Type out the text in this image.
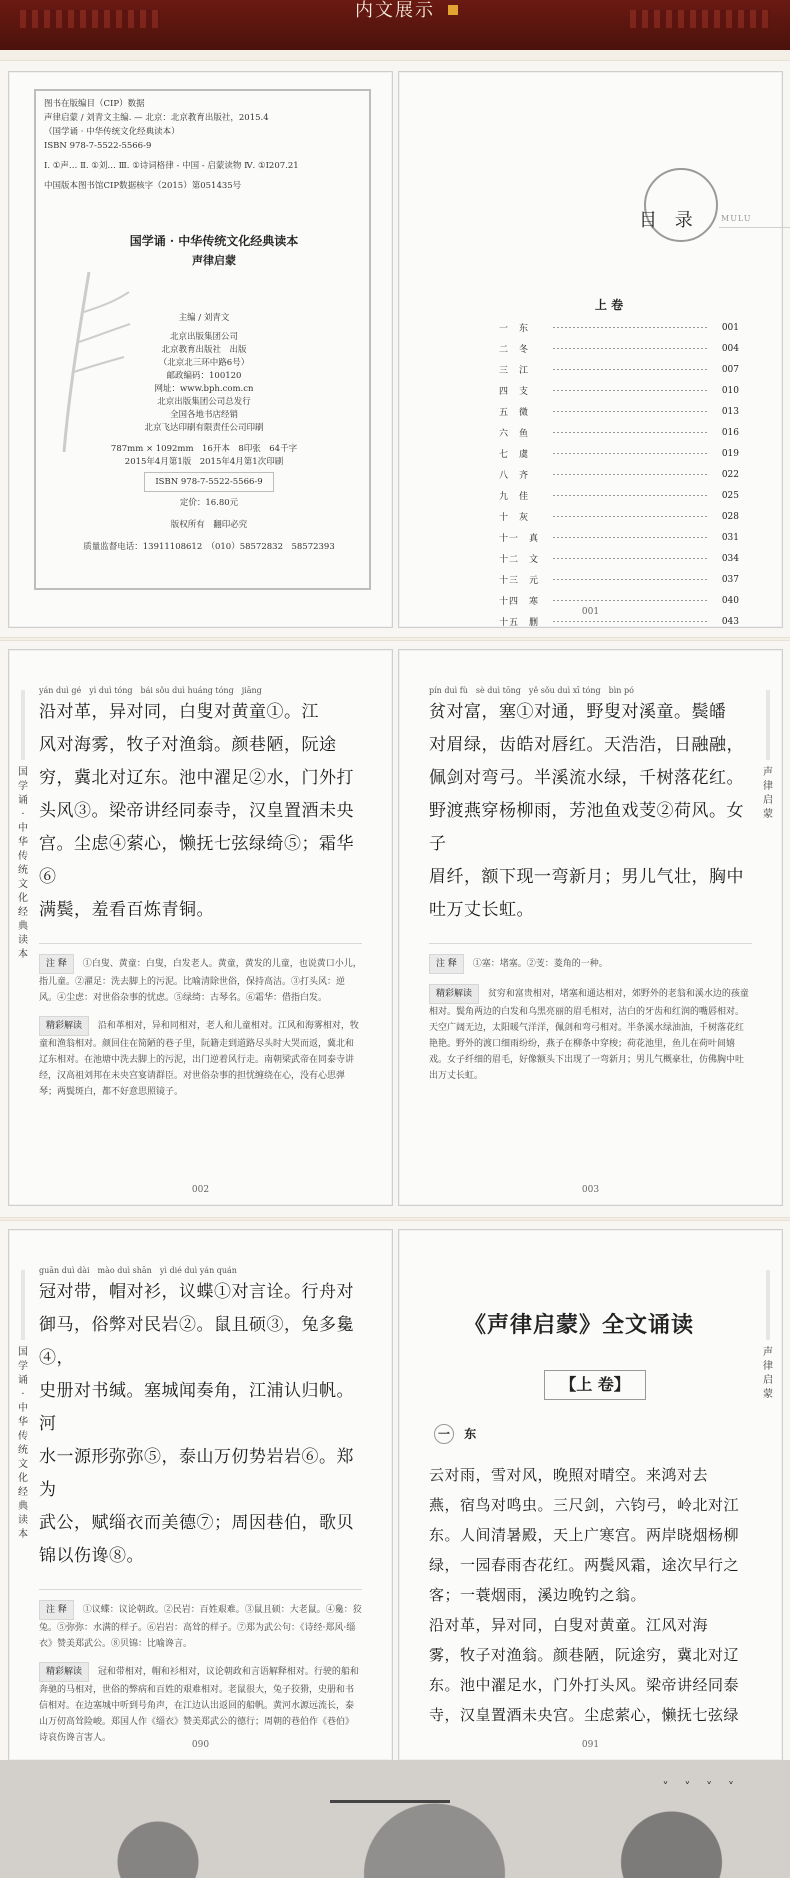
内文展示
图书在版编目（CIP）数据
声律启蒙 / 刘青文主编. — 北京：北京教育出版社，2015.4
（国学诵 · 中华传统文化经典读本）
ISBN 978-7-5522-5566-9
Ⅰ. ①声… Ⅱ. ①刘… Ⅲ. ①诗词格律 - 中国 - 启蒙读物 Ⅳ. ①I207.21
中国版本图书馆CIP数据核字（2015）第051435号
国学诵 · 中华传统文化经典读本
声律启蒙
主编 / 刘青文
北京出版集团公司
北京教育出版社　出版
（北京北三环中路6号）
邮政编码：100120
网址：www.bph.com.cn
北京出版集团公司总发行
全国各地书店经销
北京飞达印刷有限责任公司印刷
787mm × 1092mm　16开本　8印张　64千字
2015年4月第1版　2015年4月第1次印刷
ISBN 978-7-5522-5566-9
定价：16.80元
版权所有　翻印必究
质量监督电话：13911108612　（010）58572832　58572393
目 录	MULU
上 卷
一　东	001
二　冬	004
三　江	007
四　支	010
五　微	013
六　鱼	016
七　虞	019
八　齐	022
九　佳	025
十　灰	028
十一　真	031
十二　文	034
十三　元	037
十四　寒	040
十五　删	043
001
国学诵 · 中华传统文化经典读本
yán duì gé　yì duì tóng　bái sǒu duì huáng tóng　jiāng
沿对革，异对同，白叟对黄童①。江
风对海雾，牧子对渔翁。颜巷陋，阮途
穷，冀北对辽东。池中濯足②水，门外打
头风③。梁帝讲经同泰寺，汉皇置酒未央
宫。尘虑④萦心，懒抚七弦绿绮⑤；霜华⑥
满鬓，羞看百炼青铜。
注 释 ①白叟、黄童：白叟，白发老人。黄童，黄发的儿童，也说黄口小儿，指儿童。②濯足：洗去脚上的污泥。比喻清除世俗，保持高洁。③打头风：逆风。④尘虑：对世俗杂事的忧虑。⑤绿绮：古琴名。⑥霜华：借指白发。
精彩解读 沿和革相对，异和同相对，老人和儿童相对。江风和海雾相对，牧童和渔翁相对。颜回住在简陋的巷子里，阮籍走到道路尽头时大哭而返，冀北和辽东相对。在池塘中洗去脚上的污泥，出门逆着风行走。南朝梁武帝在同泰寺讲经，汉高祖刘邦在未央宫宴请群臣。对世俗杂事的担忧缠绕在心，没有心思弹琴；两鬓斑白，都不好意思照镜子。
002
声律启蒙
pín duì fù　sè duì tōng　yě sǒu duì xī tóng　bìn pó
贫对富，塞①对通，野叟对溪童。鬓皤
对眉绿，齿皓对唇红。天浩浩，日融融，
佩剑对弯弓。半溪流水绿，千树落花红。
野渡燕穿杨柳雨，芳池鱼戏芰②荷风。女子
眉纤，额下现一弯新月；男儿气壮，胸中
吐万丈长虹。
注 释 ①塞：堵塞。②芰：菱角的一种。
精彩解读 贫穷和富贵相对，堵塞和通达相对，郊野外的老翁和溪水边的孩童相对。鬓角两边的白发和乌黑亮丽的眉毛相对，洁白的牙齿和红润的嘴唇相对。天空广阔无边，太阳暖气洋洋，佩剑和弯弓相对。半条溪水绿油油，千树落花红艳艳。野外的渡口细雨纷纷，燕子在柳条中穿梭；荷花池里，鱼儿在荷叶间嬉戏。女子纤细的眉毛，好像额头下出现了一弯新月；男儿气概豪壮，仿佛胸中吐出万丈长虹。
003
国学诵 · 中华传统文化经典读本
guān duì dài　mào duì shān　yì dié duì yán quán
冠对带，帽对衫，议蝶①对言诠。行舟对
御马，俗弊对民岩②。鼠且硕③，兔多毚④，
史册对书缄。塞城闻奏角，江浦认归帆。河
水一源形弥弥⑤，泰山万仞势岩岩⑥。郑为
武公，赋缁衣而美德⑦；周因巷伯，歌贝
锦以伤谗⑧。
注 释 ①议蝶：议论朝政。②民岩：百姓艰难。③鼠且硕：大老鼠。④毚：狡兔。⑤弥弥：水满的样子。⑥岩岩：高耸的样子。⑦郑为武公句：《诗经·郑风·缁衣》赞美郑武公。⑧贝锦：比喻谗言。
精彩解读 冠和带相对，帽和衫相对，议论朝政和言语解释相对。行驶的船和奔驰的马相对，世俗的弊病和百姓的艰难相对。老鼠很大，兔子狡猾，史册和书信相对。在边塞城中听到号角声，在江边认出返回的船帆。黄河水源远流长，泰山万仞高耸险峻。郑国人作《缁衣》赞美郑武公的德行；周朝的巷伯作《巷伯》诗哀伤谗言害人。
090
声律启蒙
《声律启蒙》全文诵读
【上 卷】
一 东
云对雨，雪对风，晚照对晴空。来鸿对去
燕，宿鸟对鸣虫。三尺剑，六钧弓，岭北对江
东。人间清暑殿，天上广寒宫。两岸晓烟杨柳
绿，一园春雨杏花红。两鬓风霜，途次早行之
客；一蓑烟雨，溪边晚钓之翁。
沿对革，异对同，白叟对黄童。江风对海
雾，牧子对渔翁。颜巷陋，阮途穷，冀北对辽
东。池中濯足水，门外打头风。梁帝讲经同泰
寺，汉皇置酒未央宫。尘虑萦心，懒抚七弦绿
091
˅ ˅ ˅ ˅
